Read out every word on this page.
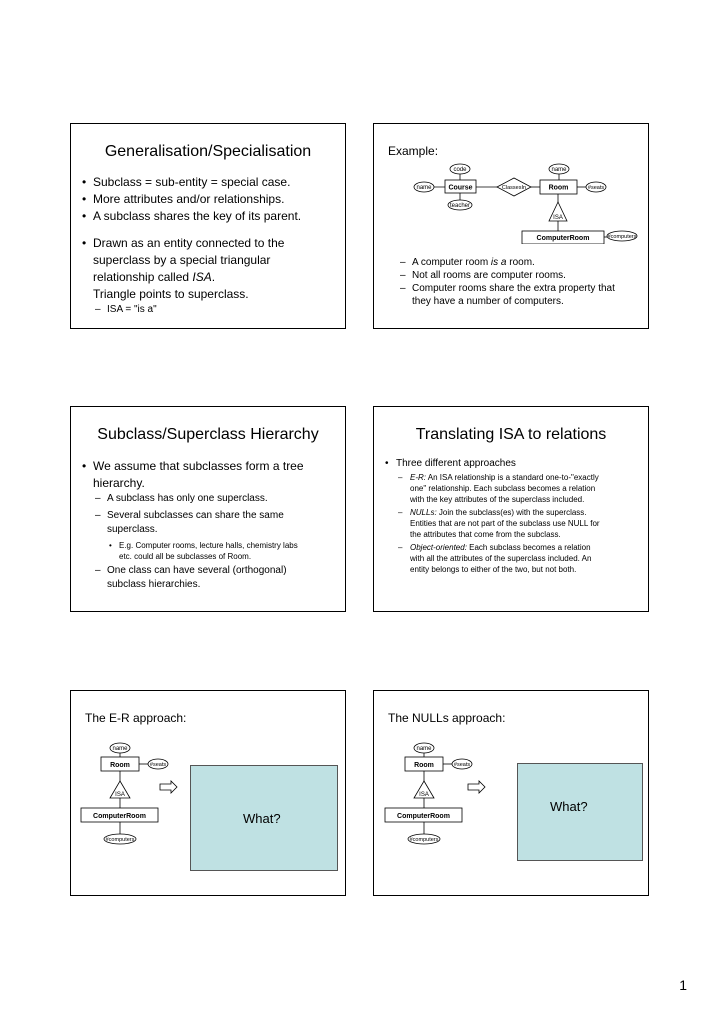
Generalisation/Specialisation
• Subclass = sub-entity = special case.
• More attributes and/or relationships.
• A subclass shares the key of its parent.
• Drawn as an entity connected to the
superclass by a special triangular
relationship called ISA.
Triangle points to superclass.
– ISA = "is a"
Example:
code	name
name Course	ClassesIn	Room	#seats
teacher
ISA
ComputerRoom	#computers
– A computer room is a room.
– Not all rooms are computer rooms.
– Computer rooms share the extra property that
they have a number of computers.
Subclass/Superclass Hierarchy
• We assume that subclasses form a tree
hierarchy.
– A subclass has only one superclass.
– Several subclasses can share the same
superclass.
• E.g. Computer rooms, lecture halls, chemistry labs
etc. could all be subclasses of Room.
– One class can have several (orthogonal)
subclass hierarchies.
Translating ISA to relations
• Three different approaches
– E-R: An ISA relationship is a standard one-to-"exactly
one" relationship. Each subclass becomes a relation
with the key attributes of the superclass included.
– NULLs: Join the subclass(es) with the superclass.
Entities that are not part of the subclass use NULL for
the attributes that come from the subclass.
– Object-oriented: Each subclass becomes a relation
with all the attributes of the superclass included. An
entity belongs to either of the two, but not both.
The E-R approach:
name
Room	#seats
ISA
ComputerRoom
#computers
What?
The NULLs approach:
name
Room	#seats
ISA
ComputerRoom
#computers
What?
1
